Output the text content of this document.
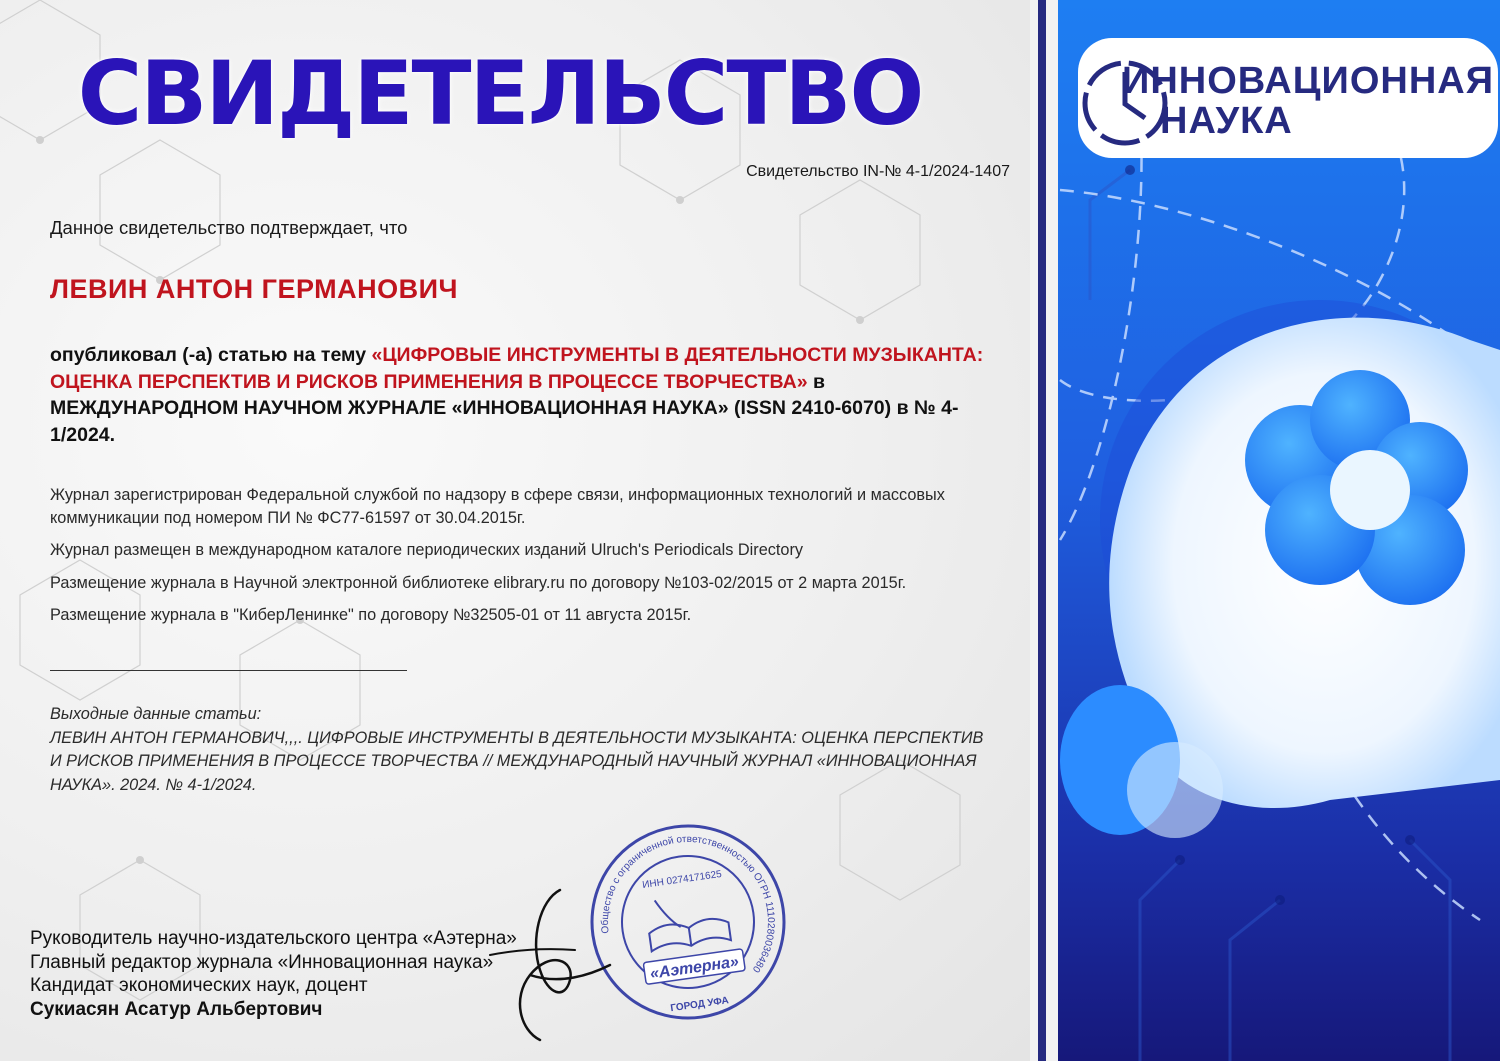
СВИДЕТЕЛЬСТВО
Свидетельство IN-№ 4-1/2024-1407
Данное свидетельство подтверждает, что
ЛЕВИН АНТОН ГЕРМАНОВИЧ

опубликовал (-а) статью на тему «ЦИФРОВЫЕ ИНСТРУМЕНТЫ В ДЕЯТЕЛЬНОСТИ МУЗЫКАНТА: ОЦЕНКА ПЕРСПЕКТИВ И РИСКОВ ПРИМЕНЕНИЯ В ПРОЦЕССЕ ТВОРЧЕСТВА» в МЕЖДУНАРОДНОМ НАУЧНОМ ЖУРНАЛЕ «ИННОВАЦИОННАЯ НАУКА» (ISSN 2410-6070) в № 4-1/2024.

Журнал зарегистрирован Федеральной службой по надзору в сфере связи, информационных технологий и массовых коммуникации под номером ПИ № ФС77-61597 от 30.04.2015г.

Журнал размещен в международном каталоге периодических изданий Ulruch's Periodicals Directory

Размещение журнала в Научной электронной библиотеке elibrary.ru по договору №103-02/2015 от 2 марта 2015г.

Размещение журнала в "КиберЛенинке" по договору №32505-01 от 11 августа 2015г.

Выходные данные статьи:

ЛЕВИН АНТОН ГЕРМАНОВИЧ,,,. ЦИФРОВЫЕ ИНСТРУМЕНТЫ В ДЕЯТЕЛЬНОСТИ МУЗЫКАНТА: ОЦЕНКА ПЕРСПЕКТИВ И РИСКОВ ПРИМЕНЕНИЯ В ПРОЦЕССЕ ТВОРЧЕСТВА // МЕЖДУНАРОДНЫЙ НАУЧНЫЙ ЖУРНАЛ «ИННОВАЦИОННАЯ НАУКА». 2024. № 4-1/2024.

Руководитель научно-издательского центра «Аэтерна»
Главный редактор журнала «Инновационная наука»
Кандидат экономических наук, доцент
Сукиасян Асатур Альбертович
Общество с ограниченной ответственностью ОГРН 1110280036480
ИНН 0274171625
«Аэтерна»
ГОРОД УФА
ИННОВАЦИОННАЯ
НАУКА
